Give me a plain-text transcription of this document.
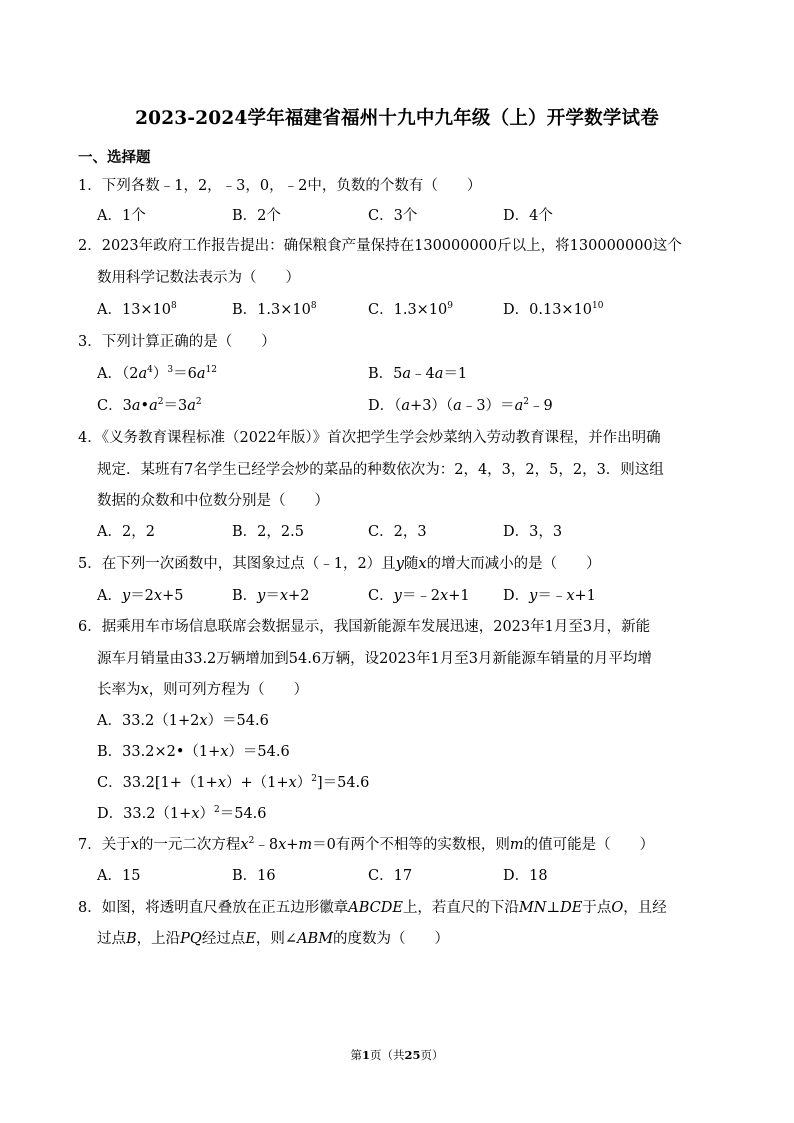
2023-2024学年福建省福州十九中九年级（上）开学数学试卷
一、选择题
1．下列各数﹣1，2，﹣3，0，﹣2中，负数的个数有（　　）
A．1个	B．2个	C．3个	D．4个
2．2023年政府工作报告提出：确保粮食产量保持在130000000斤以上，将130000000这个
数用科学记数法表示为（　　）
A．$13\times 10^8$	B．$1.3\times 10^8$	C．$1.3\times 10^9$	D．$0.13\times 10^{10}$
3．下列计算正确的是（　　）
A．$(2a^4)^3=6a^{12}$	B．5a﹣4a＝1
C．$3a•a^2=3a^2$	D．$(a+3)(a﹣3)=a^2﹣9$
4．《义务教育课程标准（2022年版）》首次把学生学会炒菜纳入劳动教育课程，并作出明确
规定．某班有7名学生已经学会炒的菜品的种数依次为：2，4，3，2，5，2，3．则这组
数据的众数和中位数分别是（　　）
A．2，2	B．2，2.5	C．2，3	D．3，3
5．在下列一次函数中，其图象过点（﹣1，2）且y随x的增大而减小的是（　　）
A．y＝2x+5	B．y＝x+2	C．y＝﹣2x+1 D．y＝﹣x+1
6．据乘用车市场信息联席会数据显示，我国新能源车发展迅速，2023年1月至3月，新能
源车月销量由33.2万辆增加到54.6万辆，设2023年1月至3月新能源车销量的月平均增
长率为x，则可列方程为（　　）
A．33.2（1+2x）＝54.6
B．33.2×2•（1+x）＝54.6
C．$33.2[1+(1+x)+(1+x)^2]=54.6$
D．$33.2(1+x)^2=54.6$
7．关于x的一元二次方程$x^2﹣8x+m=0$有两个不相等的实数根，则m的值可能是（　　）
A．15	B．16	C．17	D．18
8．如图，将透明直尺叠放在正五边形徽章ABCDE上，若直尺的下沿MN⊥DE于点O，且经
过点B，上沿PQ经过点E，则∠ABM的度数为（　　）
第1页（共25页）
